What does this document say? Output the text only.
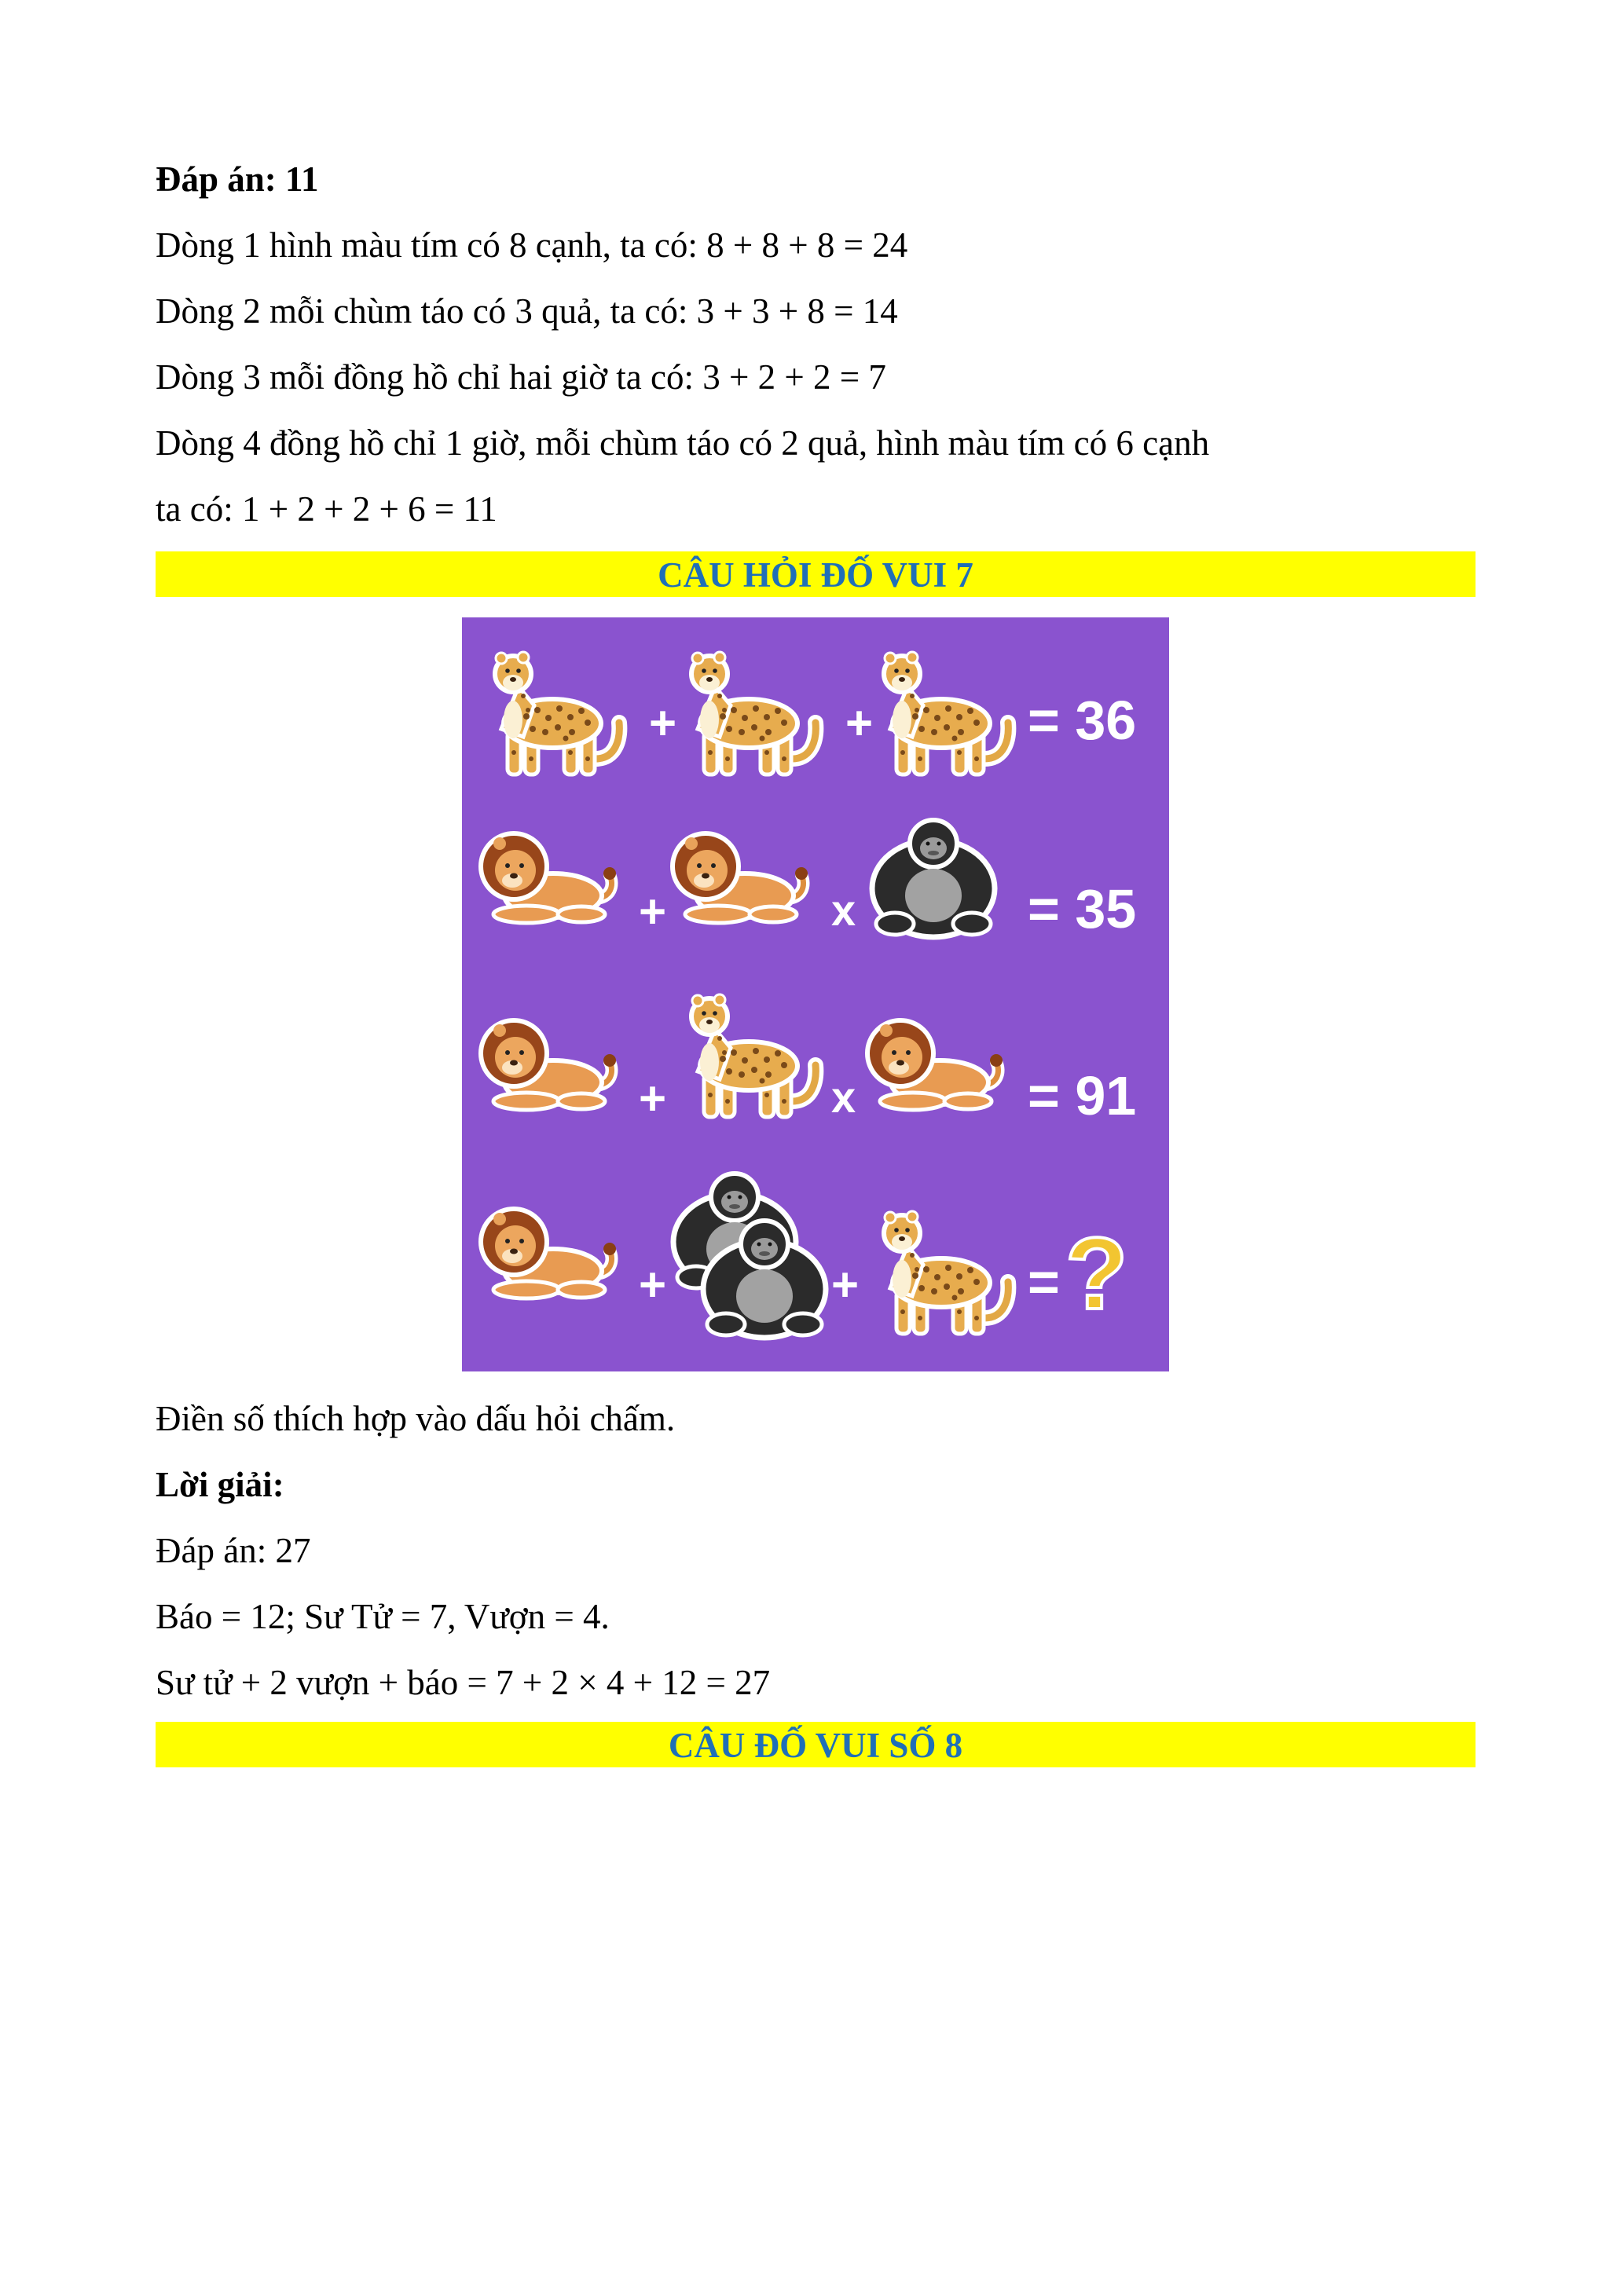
Đáp án: 11
Dòng 1 hình màu tím có 8 cạnh, ta có: 8 + 8 + 8 = 24
Dòng 2 mỗi chùm táo có 3 quả, ta có: 3 + 3 + 8 = 14
Dòng 3 mỗi đồng hồ chỉ hai giờ ta có: 3 + 2 + 2 = 7
Dòng 4 đồng hồ chỉ 1 giờ, mỗi chùm táo có 2 quả, hình màu tím có 6 cạnh
ta có: 1 + 2 + 2 + 6 = 11
CÂU HỎI ĐỐ VUI 7
+	+	= 36
+	x	= 35
+	x	= 91
+	+	= ?
Điền số thích hợp vào dấu hỏi chấm.
Lời giải:
Đáp án: 27
Báo = 12; Sư Tử = 7, Vượn = 4.
Sư tử + 2 vượn + báo = 7 + 2 × 4 + 12 = 27
CÂU ĐỐ VUI SỐ 8
